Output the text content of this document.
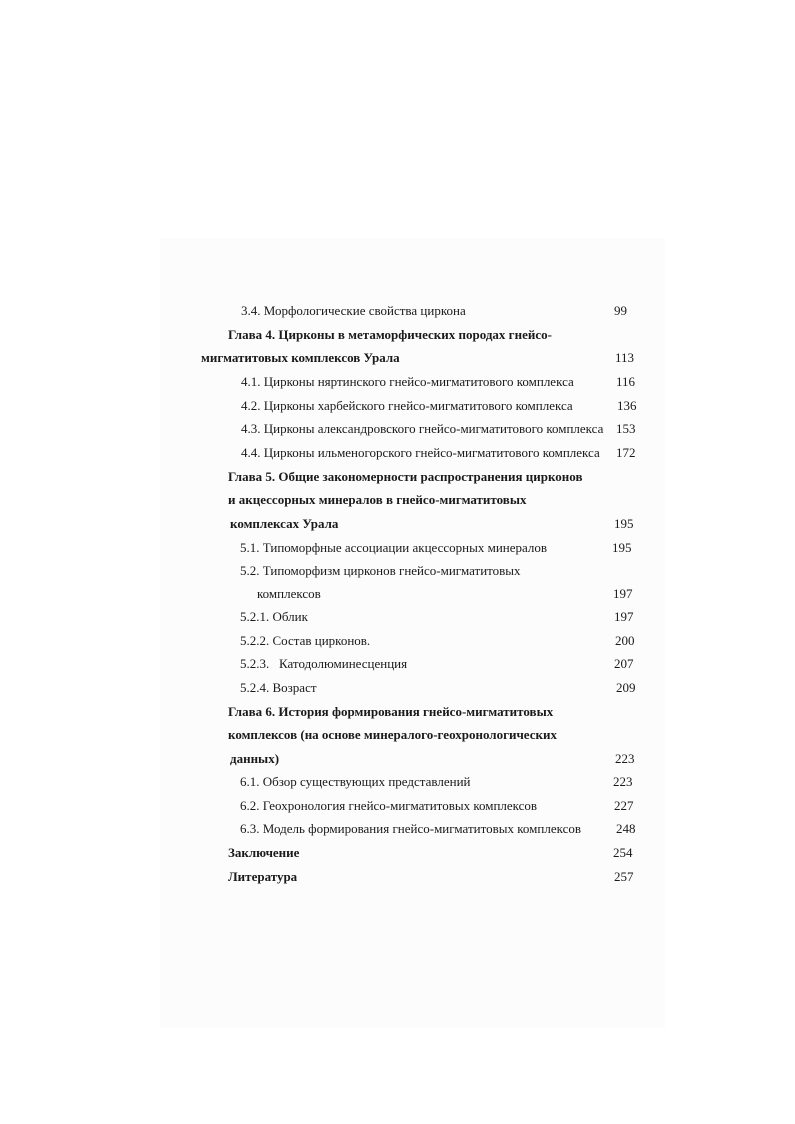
3.4. Морфологические свойства циркона	99
Глава 4. Цирконы в метаморфических породах гнейсо-
мигматитовых комплексов Урала	113
4.1. Цирконы няртинского гнейсо-мигматитового комплекса	116
4.2. Цирконы харбейского гнейсо-мигматитового комплекса	136
4.3. Цирконы александровского гнейсо-мигматитового комплекса 153
4.4. Цирконы ильменогорского гнейсо-мигматитового комплекса 172
Глава 5. Общие закономерности распространения цирконов
и акцессорных минералов в гнейсо-мигматитовых
комплексах Урала	195
5.1. Типоморфные ассоциации акцессорных минералов	195
5.2. Типоморфизм цирконов гнейсо-мигматитовых
комплексов	197
5.2.1. Облик	197
5.2.2. Состав цирконов.	200
5.2.3.   Катодолюминесценция	207
5.2.4. Возраст	209
Глава 6. История формирования гнейсо-мигматитовых
комплексов (на основе минералого-геохронологических
данных)	223
6.1. Обзор существующих представлений	223
6.2. Геохронология гнейсо-мигматитовых комплексов	227
6.3. Модель формирования гнейсо-мигматитовых комплексов	248
Заключение	254
Литература	257
